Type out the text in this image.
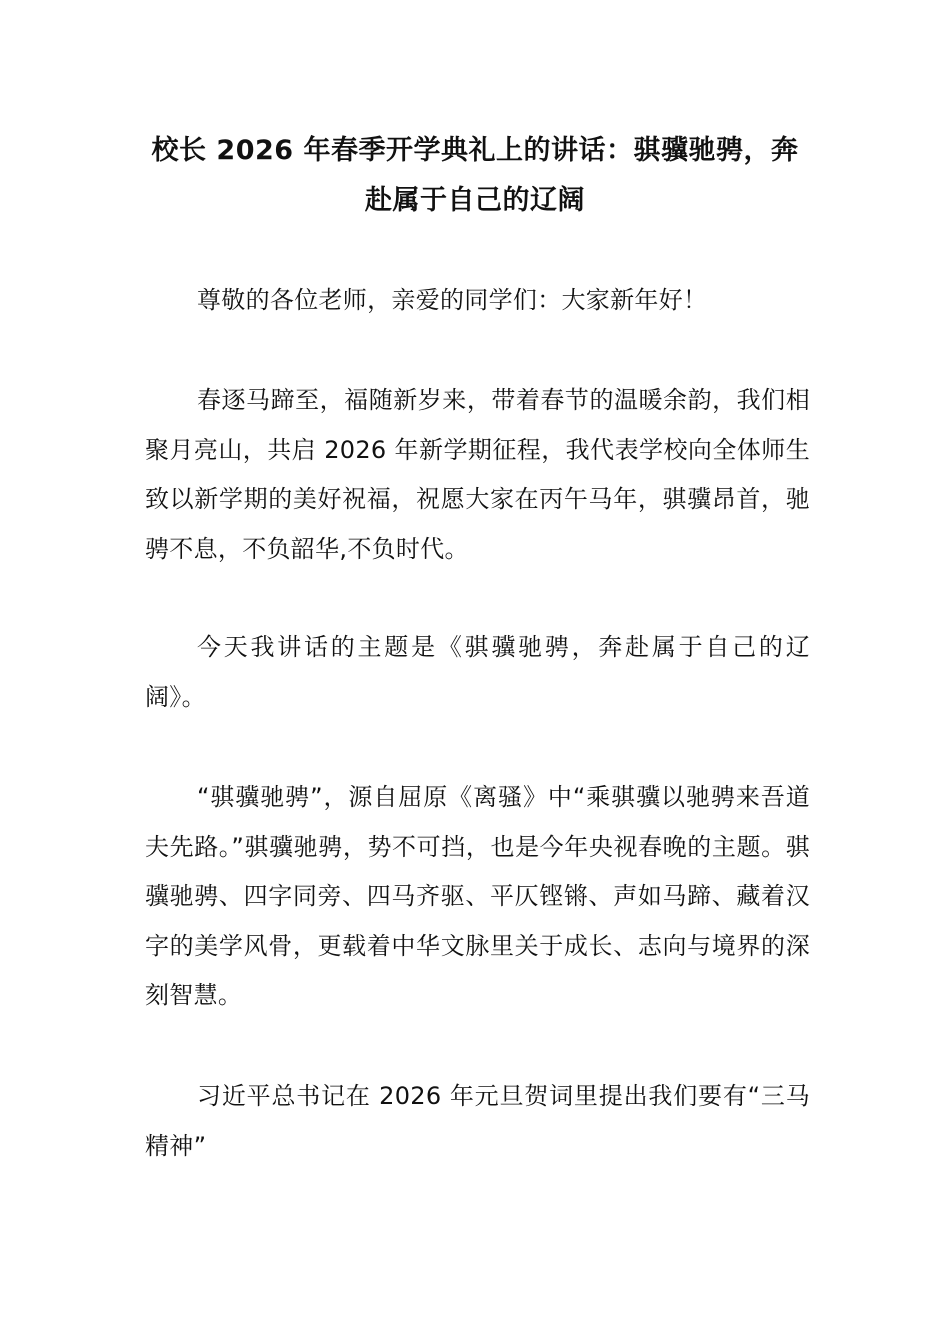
校长 2026 年春季开学典礼上的讲话：骐骥驰骋，奔赴属于自己的辽阔

尊敬的各位老师，亲爱的同学们：大家新年好！

春逐马蹄至，福随新岁来，带着春节的温暖余韵，我们相聚月亮山，共启 2026 年新学期征程，我代表学校向全体师生致以新学期的美好祝福，祝愿大家在丙午马年，骐骥昂首，驰骋不息，不负韶华,不负时代。

今天我讲话的主题是《骐骥驰骋，奔赴属于自己的辽阔》。

“骐骥驰骋”，源自屈原《离骚》中“乘骐骥以驰骋来吾道夫先路。”骐骥驰骋，势不可挡，也是今年央视春晚的主题。骐骥驰骋、四字同旁、四马齐驱、平仄铿锵、声如马蹄、藏着汉字的美学风骨，更载着中华文脉里关于成长、志向与境界的深刻智慧。

习近平总书记在 2026 年元旦贺词里提出我们要有“三马精神”
